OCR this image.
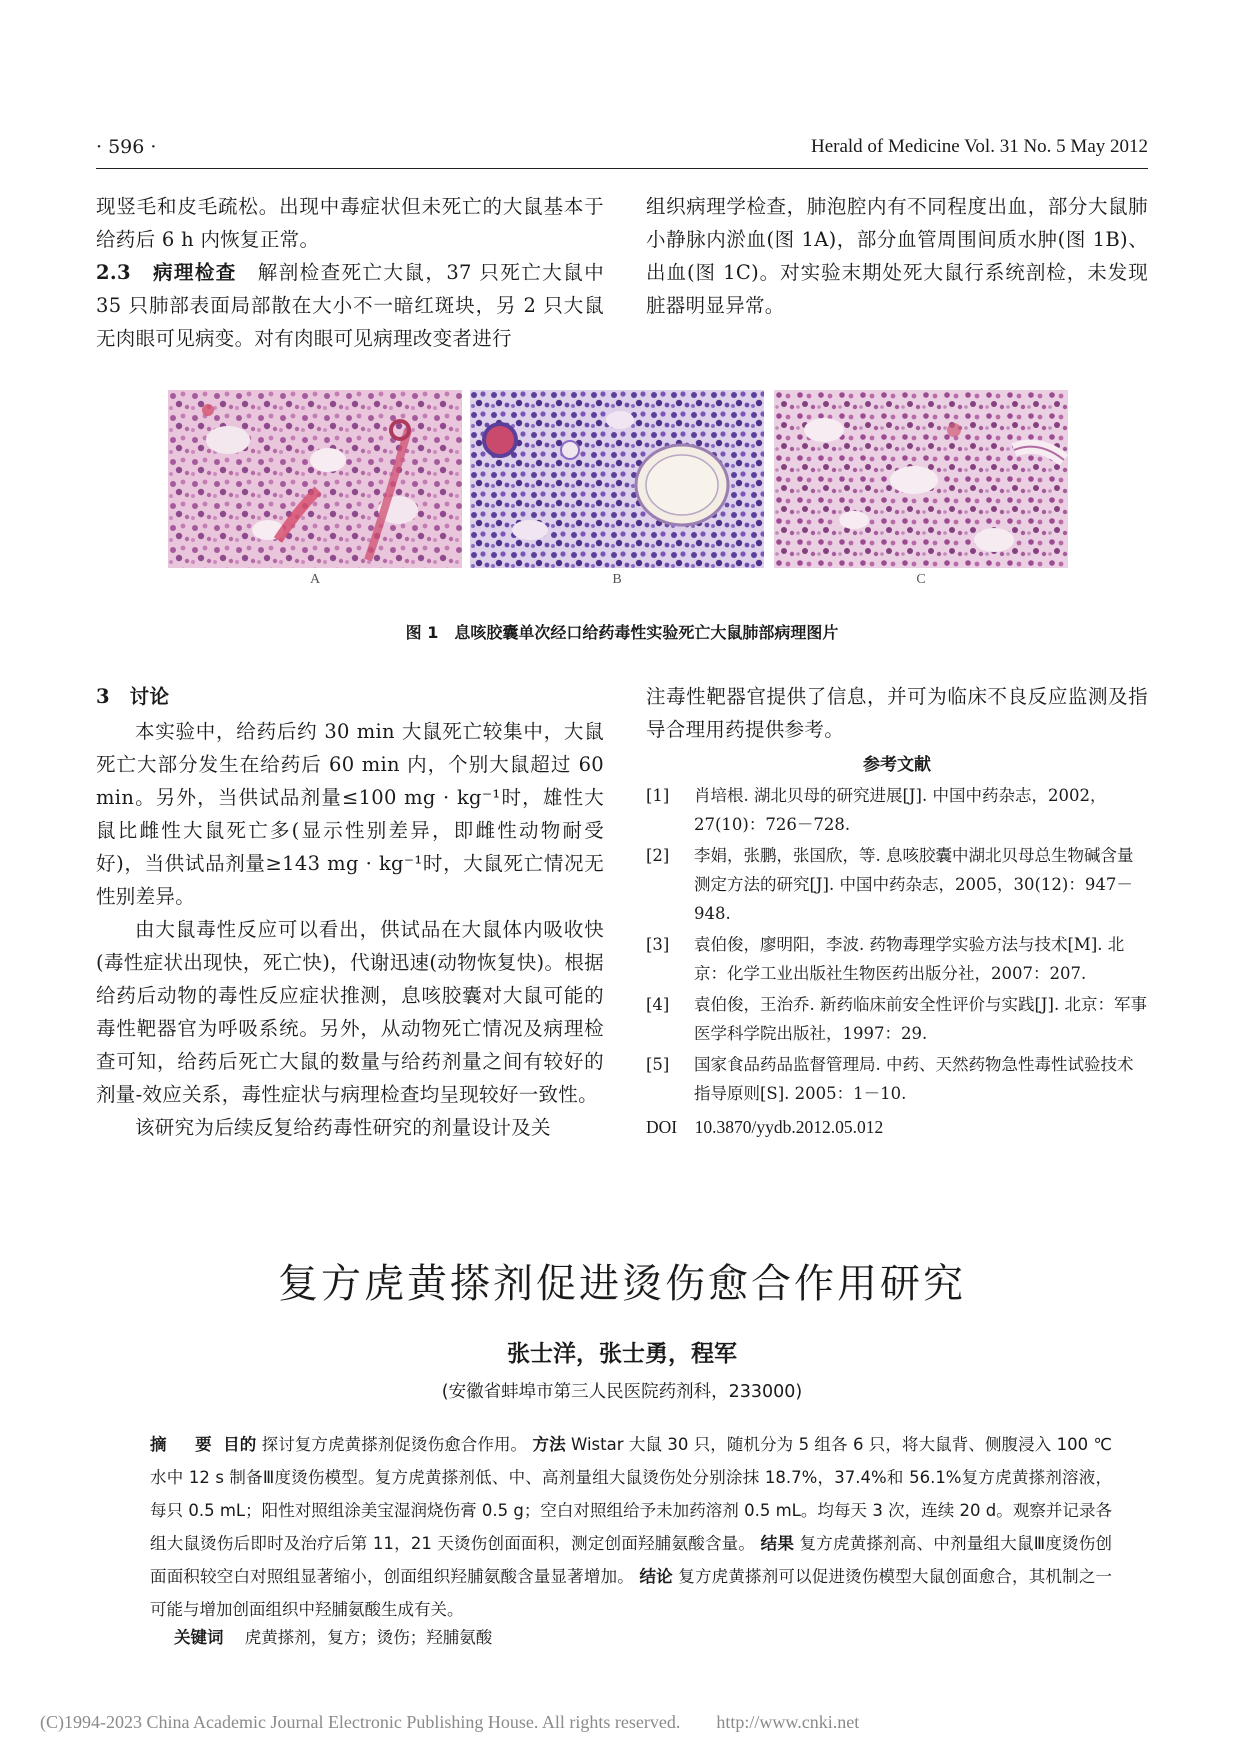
· 596 ·	Herald of Medicine Vol. 31 No. 5 May 2012

现竖毛和皮毛疏松。出现中毒症状但未死亡的大鼠基本于给药后 6 h 内恢复正常。

2.3　病理检查　解剖检查死亡大鼠，37 只死亡大鼠中 35 只肺部表面局部散在大小不一暗红斑块，另 2 只大鼠无肉眼可见病变。对有肉眼可见病理改变者进行

组织病理学检查，肺泡腔内有不同程度出血，部分大鼠肺小静脉内淤血(图 1A)，部分血管周围间质水肿(图 1B)、出血(图 1C)。对实验末期处死大鼠行系统剖检，未发现脏器明显异常。

A	B	C
图 1　息咳胶囊单次经口给药毒性实验死亡大鼠肺部病理图片

3　讨论

本实验中，给药后约 30 min 大鼠死亡较集中，大鼠死亡大部分发生在给药后 60 min 内，个别大鼠超过 60 min。另外，当供试品剂量≤100 mg · kg⁻¹时，雄性大鼠比雌性大鼠死亡多(显示性别差异，即雌性动物耐受好)，当供试品剂量≥143 mg · kg⁻¹时，大鼠死亡情况无性别差异。

由大鼠毒性反应可以看出，供试品在大鼠体内吸收快(毒性症状出现快，死亡快)，代谢迅速(动物恢复快)。根据给药后动物的毒性反应症状推测，息咳胶囊对大鼠可能的毒性靶器官为呼吸系统。另外，从动物死亡情况及病理检查可知，给药后死亡大鼠的数量与给药剂量之间有较好的剂量-效应关系，毒性症状与病理检查均呈现较好一致性。

该研究为后续反复给药毒性研究的剂量设计及关

注毒性靶器官提供了信息，并可为临床不良反应监测及指导合理用药提供参考。

参考文献
[1] 肖培根. 湖北贝母的研究进展[J]. 中国中药杂志，2002，27(10)：726－728.
[2] 李娟，张鹏，张国欣，等. 息咳胶囊中湖北贝母总生物碱含量测定方法的研究[J]. 中国中药杂志，2005，30(12)：947－948.
[3] 袁伯俊，廖明阳，李波. 药物毒理学实验方法与技术[M]. 北京：化学工业出版社生物医药出版分社，2007：207.
[4] 袁伯俊，王治乔. 新药临床前安全性评价与实践[J]. 北京：军事医学科学院出版社，1997：29.
[5] 国家食品药品监督管理局. 中药、天然药物急性毒性试验技术指导原则[S]. 2005：1－10.
DOI　10.3870/yydb.2012.05.012
复方虎黄搽剂促进烫伤愈合作用研究
张士洋，张士勇，程军
(安徽省蚌埠市第三人民医院药剂科，233000)
摘　要 目的 探讨复方虎黄搽剂促烫伤愈合作用。 方法 Wistar 大鼠 30 只，随机分为 5 组各 6 只，将大鼠背、侧腹浸入 100 ℃水中 12 s 制备Ⅲ度烫伤模型。复方虎黄搽剂低、中、高剂量组大鼠烫伤处分别涂抹 18.7%，37.4%和 56.1%复方虎黄搽剂溶液，每只 0.5 mL；阳性对照组涂美宝湿润烧伤膏 0.5 g；空白对照组给予未加药溶剂 0.5 mL。均每天 3 次，连续 20 d。观察并记录各组大鼠烫伤后即时及治疗后第 11，21 天烫伤创面面积，测定创面羟脯氨酸含量。 结果 复方虎黄搽剂高、中剂量组大鼠Ⅲ度烫伤创面面积较空白对照组显著缩小，创面组织羟脯氨酸含量显著增加。 结论 复方虎黄搽剂可以促进烫伤模型大鼠创面愈合，其机制之一可能与增加创面组织中羟脯氨酸生成有关。
关键词 虎黄搽剂，复方；烫伤；羟脯氨酸
(C)1994-2023 China Academic Journal Electronic Publishing House. All rights reserved.　　http://www.cnki.net
